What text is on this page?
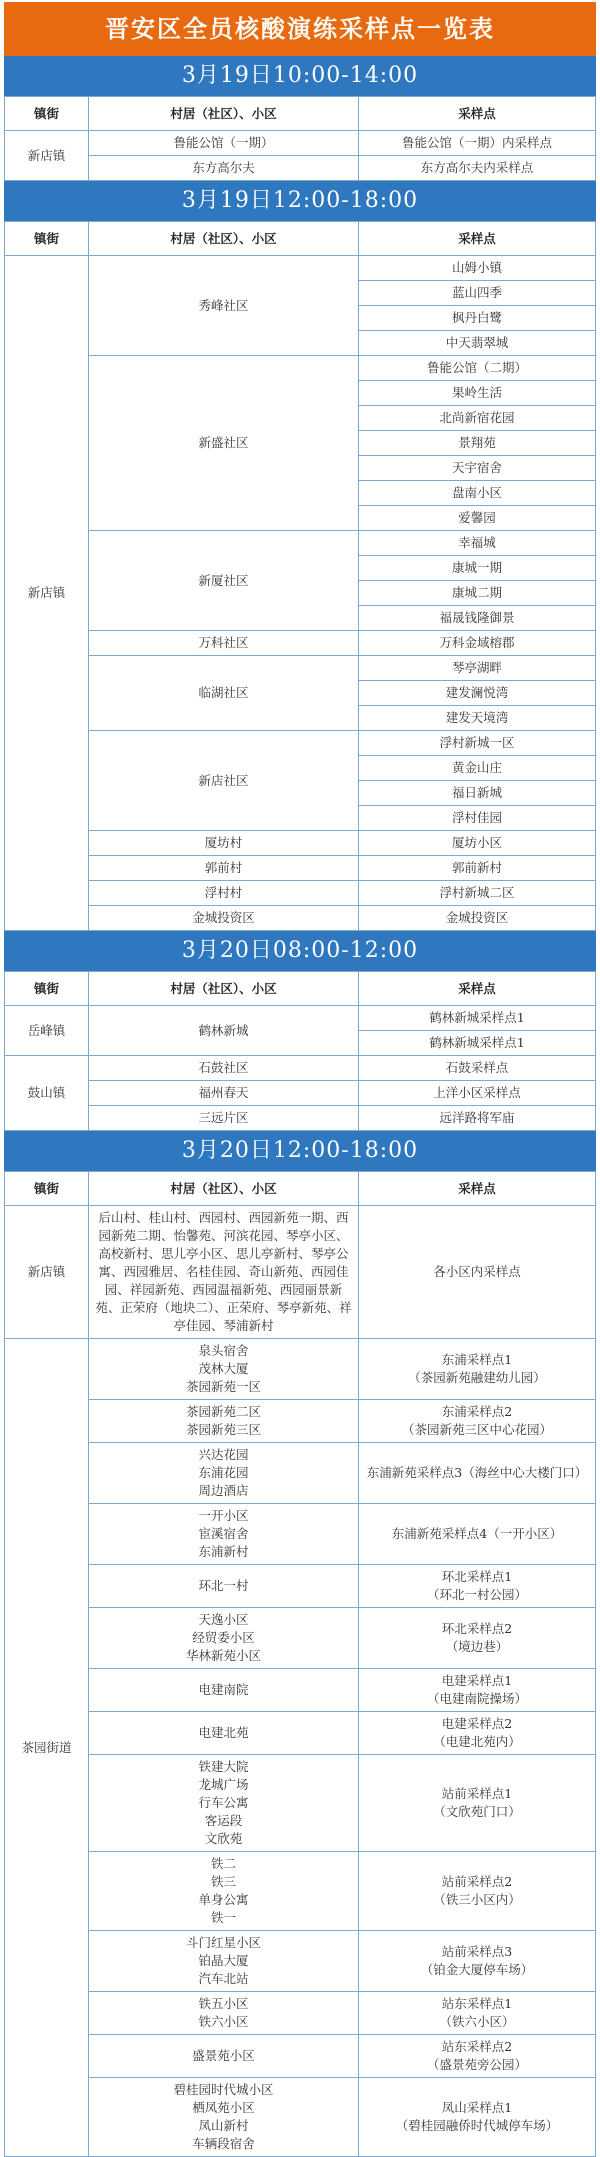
晋安区全员核酸演练采样点一览表
3月19日10:00-14:00
镇街	村居（社区）、小区	采样点
新店镇	鲁能公馆（一期）	鲁能公馆（一期）内采样点

	东方高尔夫	东方高尔夫内采样点
3月19日12:00-18:00
镇街	村居（社区）、小区	采样点
新店镇	秀峰社区	山姆小镇

		蓝山四季

		枫丹白鹭

		中天翡翠城

	新盛社区	鲁能公馆（二期）

		果岭生活

		北尚新宿花园

		景翔苑

		天宇宿舍

		盘南小区

		爱馨园

	新厦社区	幸福城

		康城一期

		康城二期

		福晟钱隆御景

	万科社区	万科金域榕郡

	临湖社区	琴亭湖畔

		建发澜悦湾

		建发天境湾

	新店社区	浮村新城一区

		黄金山庄

		福日新城

		浮村佳园

	厦坊村	厦坊小区

	郭前村	郭前新村

	浮村村	浮村新城二区

	金城投资区	金城投资区
3月20日08:00-12:00
镇街	村居（社区）、小区	采样点
岳峰镇	鹤林新城	鹤林新城采样点1

		鹤林新城采样点1

鼓山镇	石鼓社区	石鼓采样点

	福州春天	上洋小区采样点

	三远片区	远洋路将军庙
3月20日12:00-18:00
镇街	村居（社区）、小区	采样点
新店镇	后山村、桂山村、西园村、西园新苑一期、西园新苑二期、怡馨苑、河滨花园、琴亭小区、高校新村、思儿亭小区、思儿亭新村、琴亭公寓、西园雅居、名桂佳园、奇山新苑、西园佳园、祥园新苑、西园温福新苑、西园丽景新苑、正荣府（地块二）、正荣府、琴亭新苑、祥亭佳园、琴浦新村	各小区内采样点

茶园街道	泉头宿舍
茂林大厦
茶园新苑一区	东浦采样点1
（茶园新苑融建幼儿园）

	茶园新苑二区
茶园新苑三区	东浦采样点2
（茶园新苑三区中心花园）

	兴达花园
东浦花园
周边酒店	东浦新苑采样点3（海丝中心大楼门口）

	一开小区
宦溪宿舍
东浦新村	东浦新苑采样点4（一开小区）

	环北一村	环北采样点1
（环北一村公园）

	天逸小区
经贸委小区
华林新苑小区	环北采样点2
（境边巷）

	电建南院	电建采样点1
（电建南院操场）

	电建北苑	电建采样点2
（电建北苑内）

	铁建大院
龙城广场
行车公寓
客运段
文欣苑	站前采样点1
（文欣苑门口）

	铁二
铁三
单身公寓
铁一	站前采样点2
（铁三小区内）

	斗门红星小区
铂晶大厦
汽车北站	站前采样点3
（铂金大厦停车场）

	铁五小区
铁六小区	站东采样点1
（铁六小区）

	盛景苑小区	站东采样点2
（盛景苑旁公园）

	碧桂园时代城小区
栖凤苑小区
凤山新村
车辆段宿舍	凤山采样点1
（碧桂园融侨时代城停车场）
